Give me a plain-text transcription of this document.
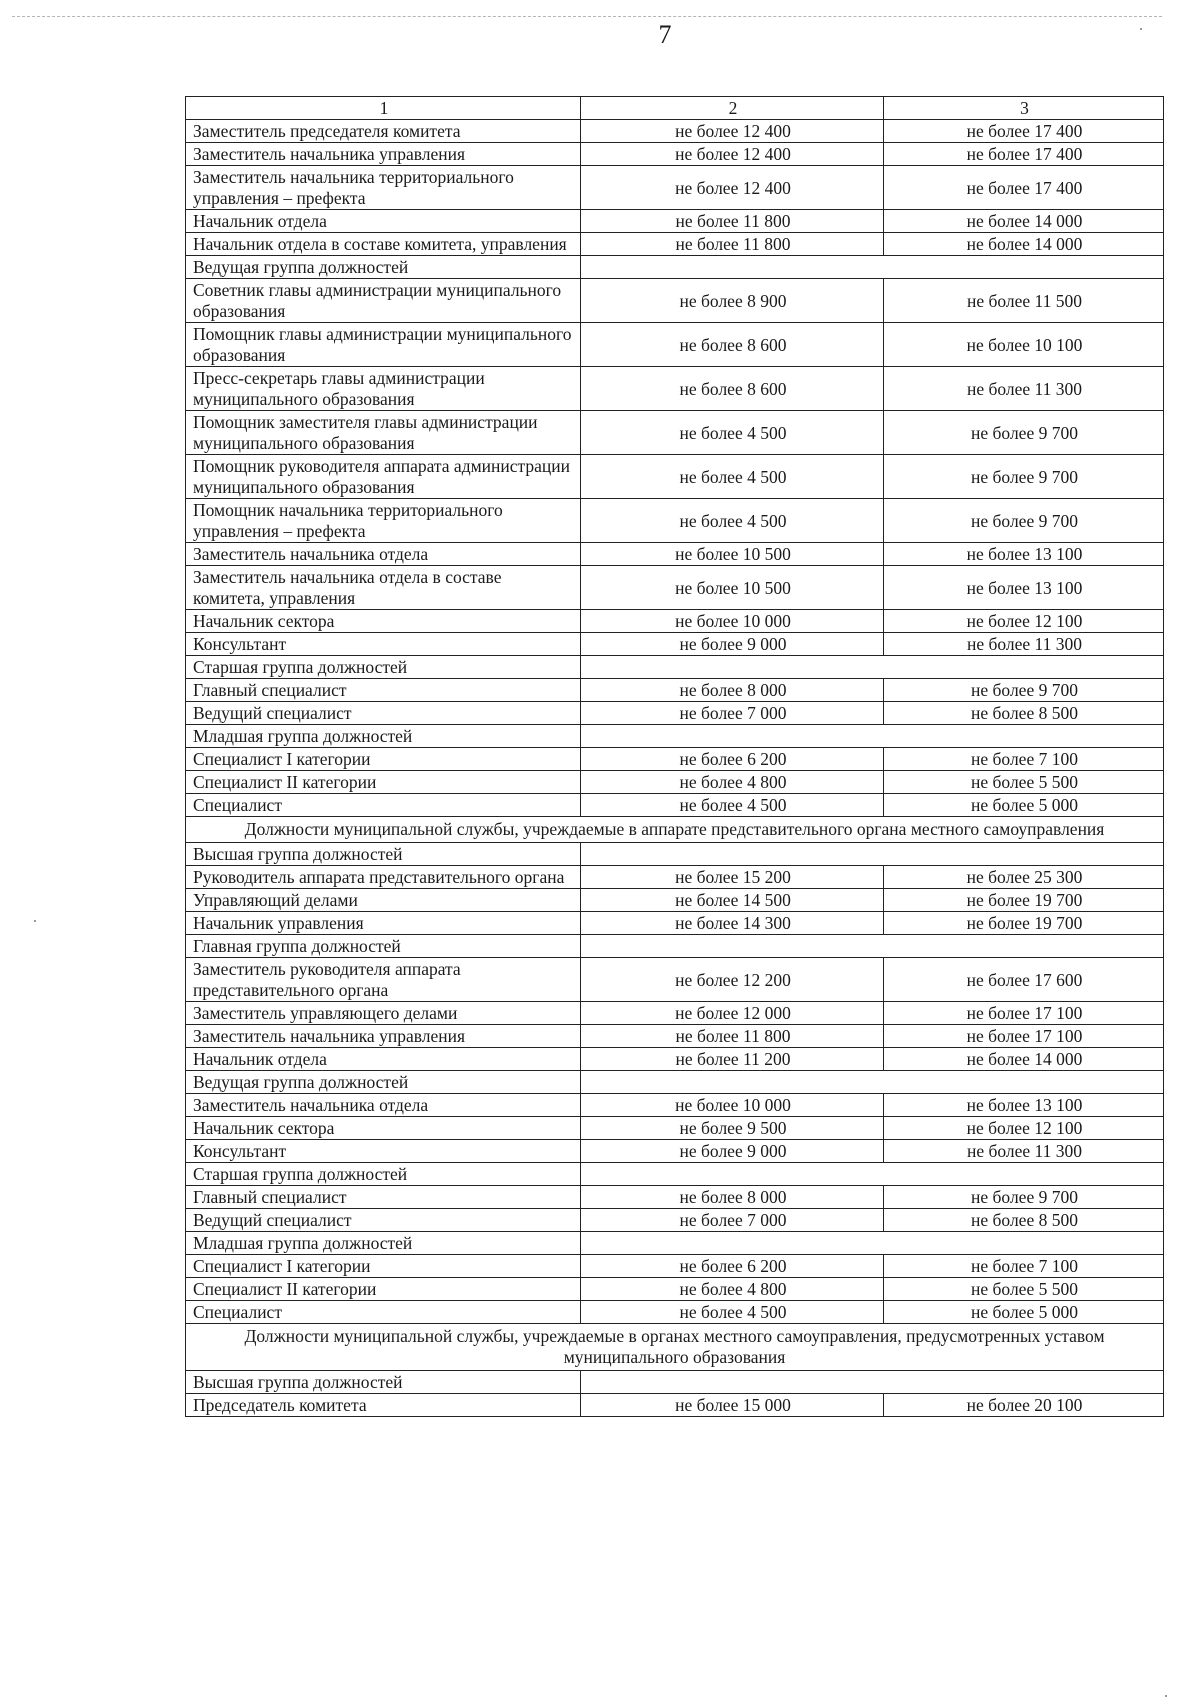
7
1	2	3
Заместитель председателя комитета	не более 12 400	не более 17 400
Заместитель начальника управления	не более 12 400	не более 17 400
Заместитель начальника территориального управления – префекта	не более 12 400	не более 17 400
Начальник отдела	не более 11 800	не более 14 000
Начальник отдела в составе комитета, управления	не более 11 800	не более 14 000
Ведущая группа должностей		
Советник главы администрации муниципального образования	не более 8 900	не более 11 500
Помощник главы администрации муниципального образования	не более 8 600	не более 10 100
Пресс-секретарь главы администрации муниципального образования	не более 8 600	не более 11 300
Помощник заместителя главы администрации муниципального образования	не более 4 500	не более 9 700
Помощник руководителя аппарата администрации муниципального образования	не более 4 500	не более 9 700
Помощник начальника территориального управления – префекта	не более 4 500	не более 9 700
Заместитель начальника отдела	не более 10 500	не более 13 100
Заместитель начальника отдела в составе комитета, управления	не более 10 500	не более 13 100
Начальник сектора	не более 10 000	не более 12 100
Консультант	не более 9 000	не более 11 300
Старшая группа должностей		
Главный специалист	не более 8 000	не более 9 700
Ведущий специалист	не более 7 000	не более 8 500
Младшая группа должностей		
Специалист I категории	не более 6 200	не более 7 100
Специалист II категории	не более 4 800	не более 5 500
Специалист	не более 4 500	не более 5 000
Должности муниципальной службы, учреждаемые в аппарате представительного органа местного самоуправления		
Высшая группа должностей		
Руководитель аппарата представительного органа	не более 15 200	не более 25 300
Управляющий делами	не более 14 500	не более 19 700
Начальник управления	не более 14 300	не более 19 700
Главная группа должностей		
Заместитель руководителя аппарата представительного органа	не более 12 200	не более 17 600
Заместитель управляющего делами	не более 12 000	не более 17 100
Заместитель начальника управления	не более 11 800	не более 17 100
Начальник отдела	не более 11 200	не более 14 000
Ведущая группа должностей		
Заместитель начальника отдела	не более 10 000	не более 13 100
Начальник сектора	не более 9 500	не более 12 100
Консультант	не более 9 000	не более 11 300
Старшая группа должностей		
Главный специалист	не более 8 000	не более 9 700
Ведущий специалист	не более 7 000	не более 8 500
Младшая группа должностей		
Специалист I категории	не более 6 200	не более 7 100
Специалист II категории	не более 4 800	не более 5 500
Специалист	не более 4 500	не более 5 000
Должности муниципальной службы, учреждаемые в органах местного самоуправления, предусмотренных уставом муниципального образования		
Высшая группа должностей		
Председатель комитета	не более 15 000	не более 20 100
